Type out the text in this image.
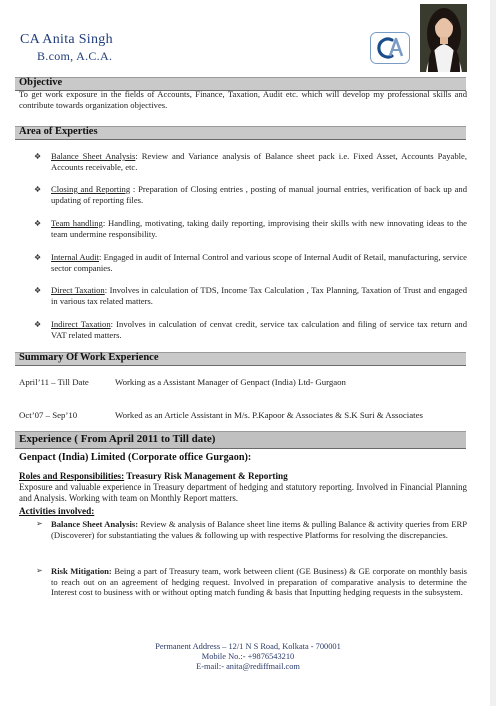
CA Anita Singh
B.com, A.C.A.
Objective
To get work exposure in the fields of Accounts, Finance, Taxation, Audit etc. which will develop my professional skills and contribute towards organization objectives.
Area of Experties
❖ Balance Sheet Analysis: Review and Variance analysis of Balance sheet pack i.e. Fixed Asset, Accounts Payable, Accounts receivable, etc.
❖ Closing and Reporting : Preparation of Closing entries , posting of manual journal entries, verification of back up and updating of reporting files.
❖ Team handling: Handling, motivating, taking daily reporting, improvising their skills with new innovating ideas to the team undermine responsibility.
❖ Internal Audit: Engaged in audit of Internal Control and various scope of Internal Audit of Retail, manufacturing, service sector companies.
❖ Direct Taxation: Involves in calculation of TDS, Income Tax Calculation , Tax Planning, Taxation of Trust and engaged in various tax related matters.
❖ Indirect Taxation: Involves in calculation of cenvat credit, service tax calculation and filing of service tax return and VAT related matters.
Summary Of Work Experience
April’11 – Till Date	Working as a Assistant Manager of Genpact (India) Ltd- Gurgaon
Oct’07 – Sep’10	Worked as an Article Assistant in M/s. P.Kapoor & Associates & S.K Suri & Associates
Experience ( From April 2011 to Till date)
Genpact (India) Limited (Corporate office Gurgaon):
Roles and Responsibilities: Treasury Risk Management & Reporting
Exposure and valuable experience in Treasury department of hedging and statutory reporting. Involved in Financial Planning and Analysis. Working with team on Monthly Report matters.
Activities involved:
➢ Balance Sheet Analysis: Review & analysis of Balance sheet line items & pulling Balance & activity queries from ERP (Discoverer) for substantiating the values & following up with respective Platforms for resolving the discrepancies.
➢ Risk Mitigation: Being a part of Treasury team, work between client (GE Business) & GE corporate on monthly basis to reach out on an agreement of hedging request. Involved in preparation of comparative analysis to determine the Interest cost to business with or without opting match funding & basis that Inputting hedging requests in the subsystem.
Permanent Address – 12/1 N S Road, Kolkata - 700001
Mobile No.:- +9876543210
E-mail:- anita@rediffmail.com
